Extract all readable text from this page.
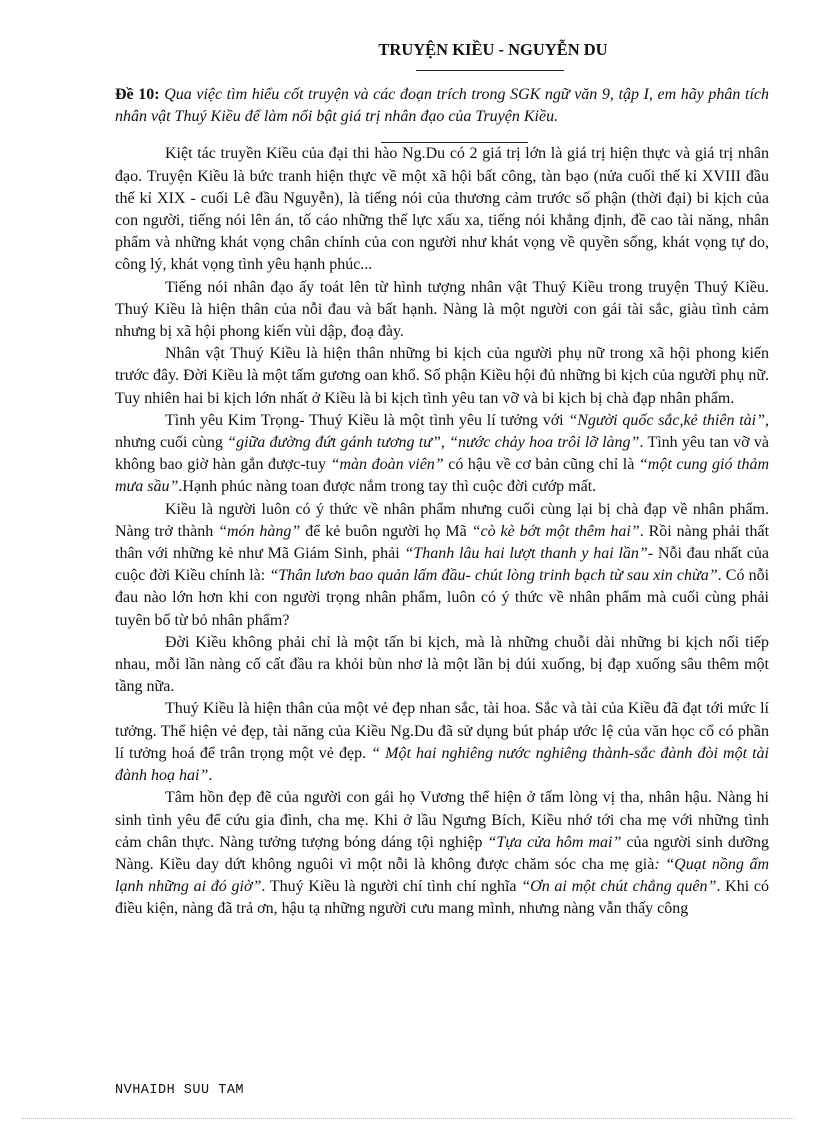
TRUYỆN KIỀU - NGUYỄN DU

Đề 10: Qua việc tìm hiểu cốt truyện và các đoạn trích trong SGK ngữ văn 9, tập I, em hãy phân tích nhân vật Thuý Kiều để làm nổi bật giá trị nhân đạo của Truyện Kiều.

Kiệt tác truyền Kiều của đại thi hào Ng.Du có 2 giá trị lớn là giá trị hiện thực và giá trị nhân đạo. Truyện Kiều là bức tranh hiện thực về một xã hội bất công, tàn bạo (nửa cuối thế kỉ XVIII đầu thế kỉ XIX - cuối Lê đầu Nguyễn), là tiếng nói của thương cảm trước số phận (thời đại) bi kịch của con người, tiếng nói lên án, tố cáo những thế lực xấu xa, tiếng nói khẳng định, đề cao tài năng, nhân phẩm và những khát vọng chân chính của con người như khát vọng về quyền sống, khát vọng tự do, công lý, khát vọng tình yêu hạnh phúc...

Tiếng nói nhân đạo ấy toát lên từ hình tượng nhân vật Thuý Kiều trong truyện Thuý Kiều. Thuý Kiều là hiện thân của nỗi đau và bất hạnh. Nàng là một người con gái tài sắc, giàu tình cảm nhưng bị xã hội phong kiến vùi dập, đoạ đày.

Nhân vật Thuý Kiều là hiện thân những bi kịch của người phụ nữ trong xã hội phong kiến trước đây. Đời Kiều là một tấm gương oan khổ. Số phận Kiều hội đủ những bi kịch của người phụ nữ. Tuy nhiên hai bi kịch lớn nhất ở Kiều là bi kịch tình yêu tan vỡ và bi kịch bị chà đạp nhân phẩm.

Tình yêu Kim Trọng- Thuý Kiều là một tình yêu lí tưởng với “Người quốc sắc,kẻ thiên tài”, nhưng cuối cùng “giữa đường đứt gánh tương tư”, “nước chảy hoa trôi lỡ làng”. Tình yêu tan vỡ và không bao giờ hàn gắn được-tuy “màn đoàn viên” có hậu về cơ bản cũng chỉ là “một cung gió thảm mưa sầu”.Hạnh phúc nàng toan được nắm trong tay thì cuộc đời cướp mất.

Kiều là người luôn có ý thức về nhân phẩm nhưng cuối cùng lại bị chà đạp về nhân phẩm. Nàng trở thành “món hàng” để kẻ buôn người họ Mã “cò kè bớt một thêm hai”. Rồi nàng phải thất thân với những kẻ như Mã Giám Sinh, phải “Thanh lâu hai lượt thanh y hai lần”- Nỗi đau nhất của cuộc đời Kiều chính là: “Thân lươn bao quản lấm đầu- chút lòng trinh bạch từ sau xin chừa”. Có nỗi đau nào lớn hơn khi con người trọng nhân phẩm, luôn có ý thức về nhân phẩm mà cuối cùng phải tuyên bố từ bỏ nhân phẩm?

Đời Kiều không phải chỉ là một tấn bi kịch, mà là những chuỗi dài những bi kịch nối tiếp nhau, mỗi lần nàng cố cất đầu ra khỏi bùn nhơ là một lần bị dúi xuống, bị đạp xuống sâu thêm một tầng nữa.

Thuý Kiều là hiện thân của một vẻ đẹp nhan sắc, tài hoa. Sắc và tài của Kiều đã đạt tới mức lí tưởng. Thể hiện vẻ đẹp, tài năng của Kiều Ng.Du đã sử dụng bút pháp ước lệ của văn học cổ có phần lí tưởng hoá để trân trọng một vẻ đẹp. “ Một hai nghiêng nước nghiêng thành-sắc đành đòi một tài đành hoạ hai”.

Tâm hồn đẹp đẽ của người con gái họ Vương thể hiện ở tấm lòng vị tha, nhân hậu. Nàng hi sinh tình yêu để cứu gia đình, cha mẹ. Khi ở lầu Ngưng Bích, Kiều nhớ tới cha mẹ với những tình cảm chân thực. Nàng tưởng tượng bóng dáng tội nghiệp “Tựa cửa hôm mai” của người sinh dưỡng Nàng. Kiều day dứt không nguôi vì một nỗi là không được chăm sóc cha mẹ già: “Quạt nồng ấm lạnh những ai đó giờ”. Thuý Kiều là người chí tình chí nghĩa “Ơn ai một chút chẳng quên”. Khi có điều kiện, nàng đã trả ơn, hậu tạ những người cưu mang mình, nhưng nàng vẫn thấy công

NVHAIDH SUU TAM
